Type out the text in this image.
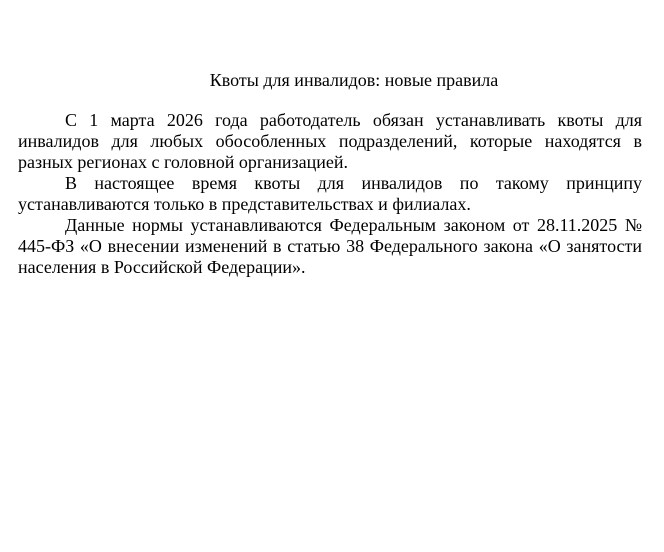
Квоты для инвалидов: новые правила

С 1 марта 2026 года работодатель обязан устанавливать квоты для инвалидов для любых обособленных подразделений, которые находятся в разных регионах с головной организацией.

В настоящее время квоты для инвалидов по такому принципу устанавливаются только в представительствах и филиалах.

Данные нормы устанавливаются Федеральным законом от 28.11.2025 № 445-ФЗ «О внесении изменений в статью 38 Федерального закона «О занятости населения в Российской Федерации».
